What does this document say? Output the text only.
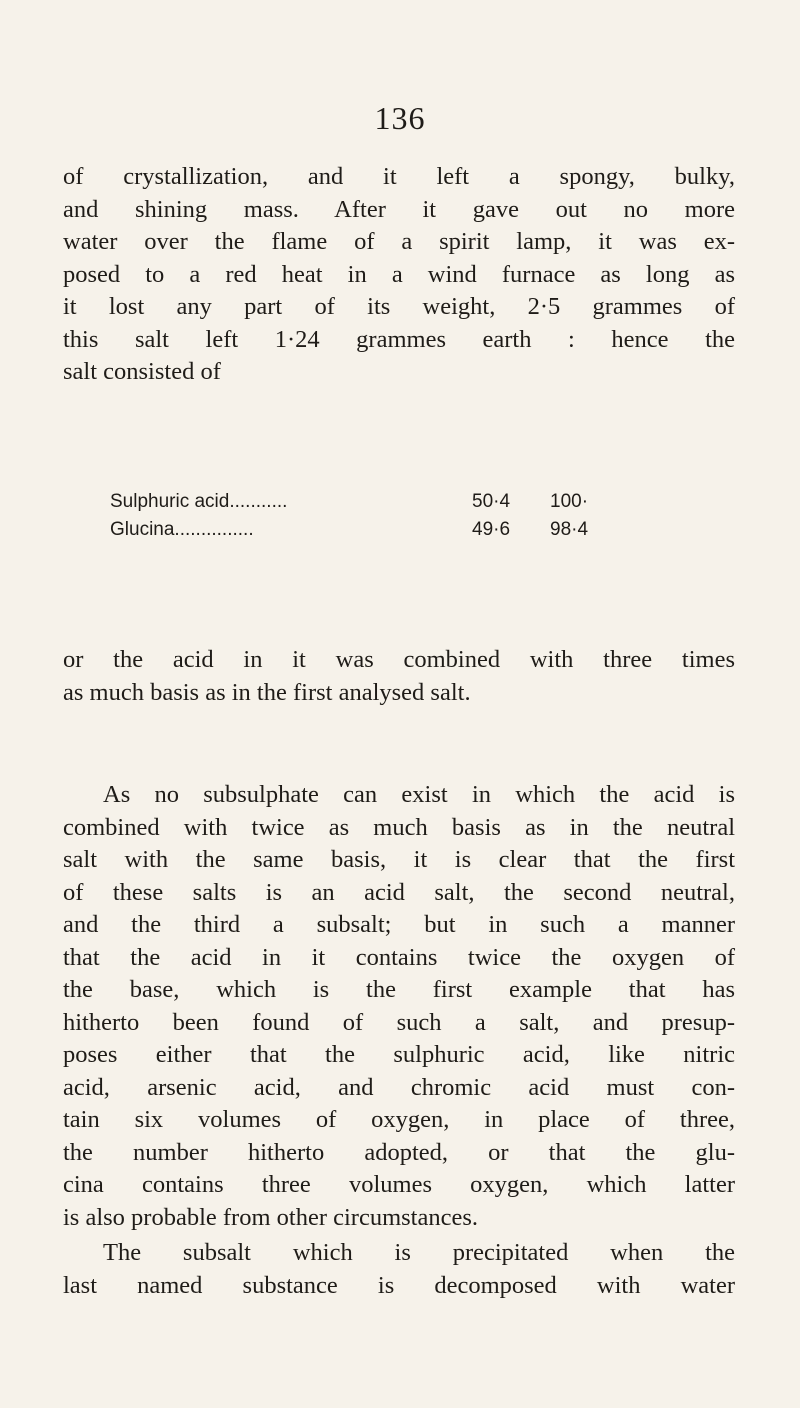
136
of crystallization, and it left a spongy, bulky,
and shining mass. After it gave out no more
water over the flame of a spirit lamp, it was ex-
posed to a red heat in a wind furnace as long as
it lost any part of its weight, 2·5 grammes of
this salt left 1·24 grammes earth : hence the
salt consisted of
Sulphuric acid...........	50·4	100·
Glucina...............	49·6	98·4
or the acid in it was combined with three times
as much basis as in the first analysed salt.
As no subsulphate can exist in which the acid is
combined with twice as much basis as in the neutral
salt with the same basis, it is clear that the first
of these salts is an acid salt, the second neutral,
and the third a subsalt; but in such a manner
that the acid in it contains twice the oxygen of
the base, which is the first example that has
hitherto been found of such a salt, and presup-
poses either that the sulphuric acid, like nitric
acid, arsenic acid, and chromic acid must con-
tain six volumes of oxygen, in place of three,
the number hitherto adopted, or that the glu-
cina contains three volumes oxygen, which latter
is also probable from other circumstances.
The subsalt which is precipitated when the
last named substance is decomposed with water
